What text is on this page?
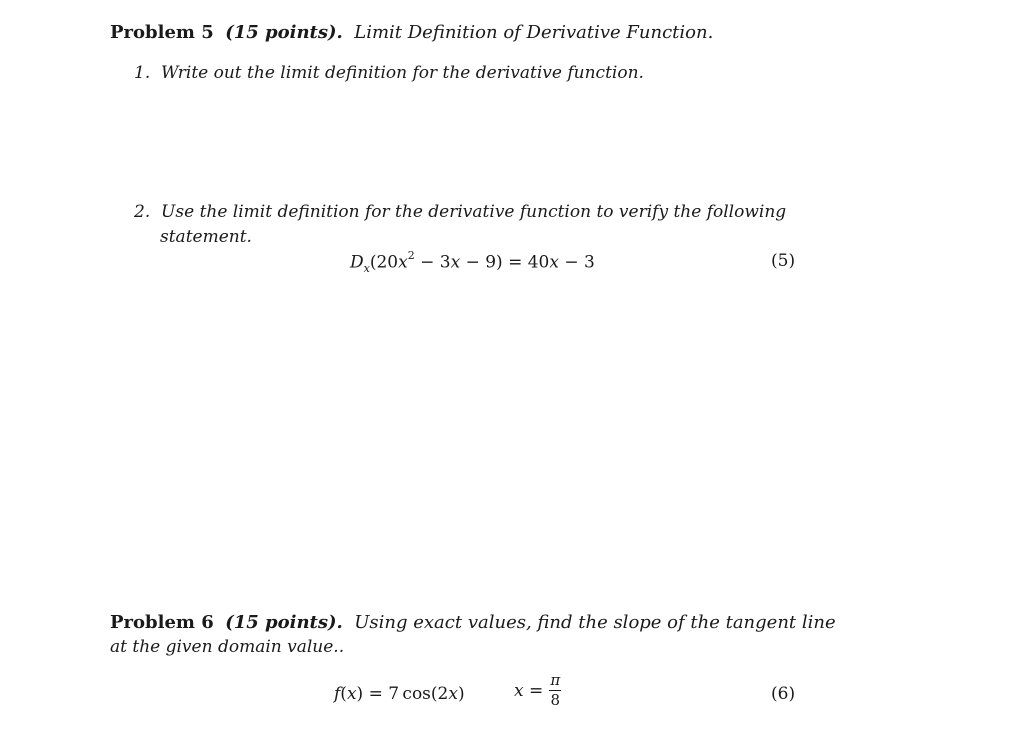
Problem 5 (15 points). Limit Definition of Derivative Function.
1. Write out the limit definition for the derivative function.
2. Use the limit definition for the derivative function to verify the following
statement.
$D_x(20x^2 - 3x - 9) = 40x - 3$	(5)
Problem 6 (15 points). Using exact values, find the slope of the tangent line
at the given domain value..
f(x) = 7 cos(2x)	$x = \frac{\pi}{8}$	(6)
